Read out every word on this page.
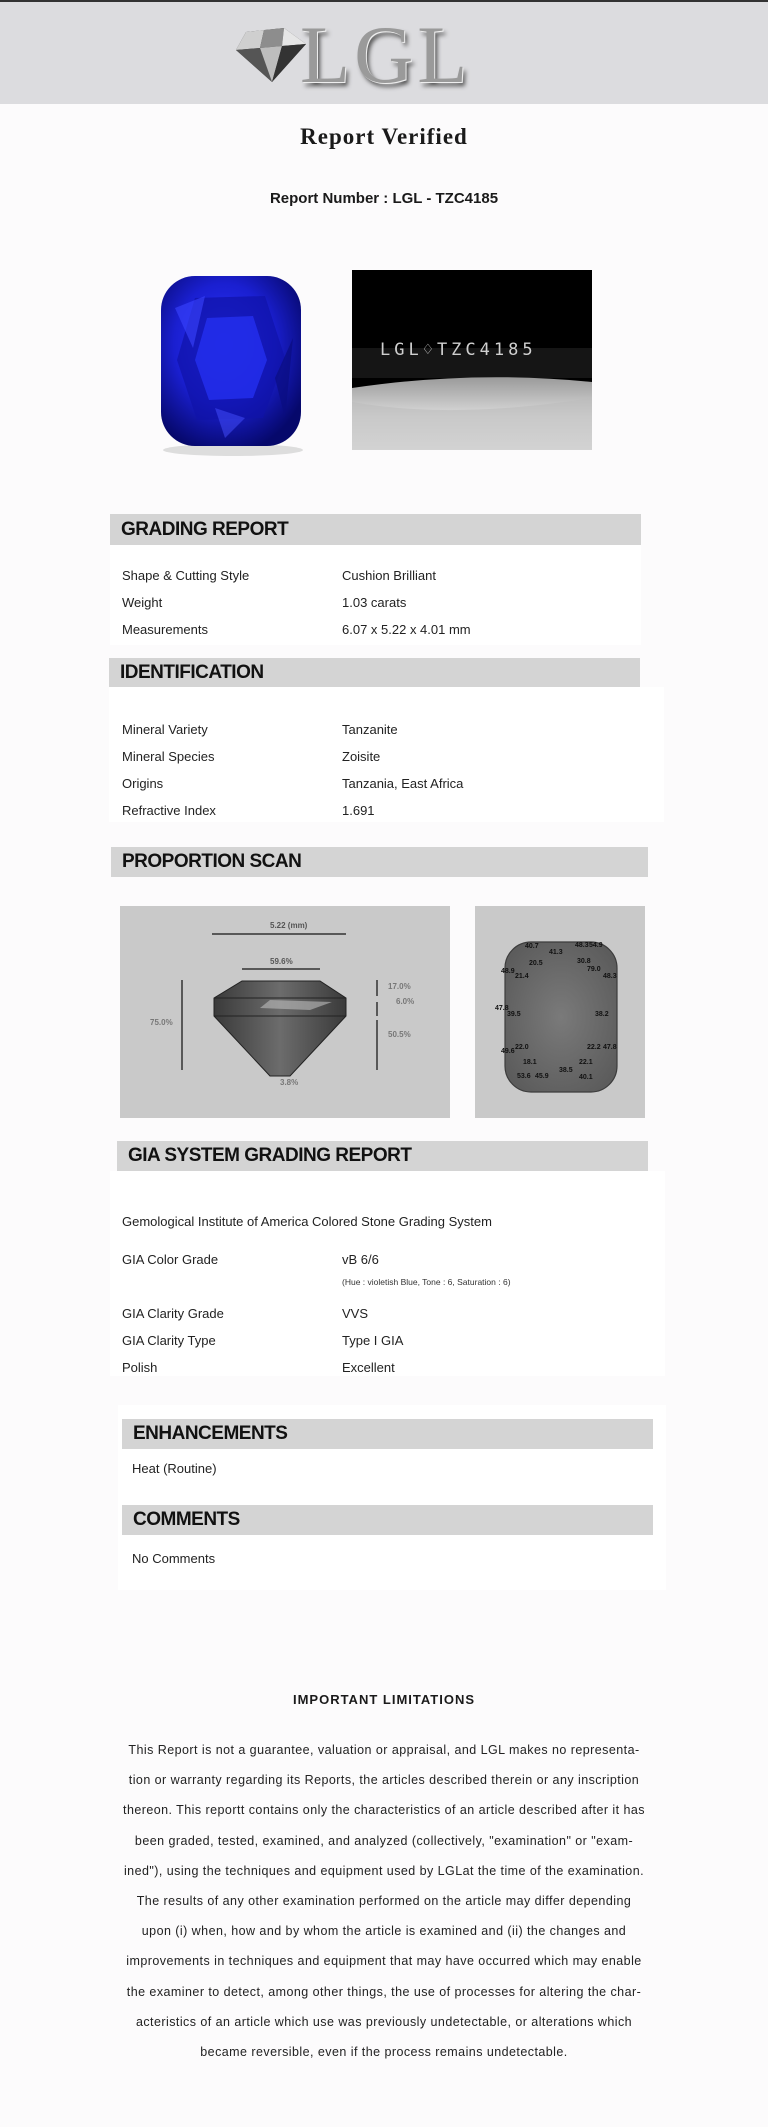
LGL
Report Verified
Report Number : LGL - TZC4185
LGL♢TZC4185
GRADING REPORT
Shape & Cutting Style	Cushion Brilliant
Weight	1.03 carats
Measurements	6.07 x 5.22 x 4.01 mm
IDENTIFICATION
Mineral Variety	Tanzanite
Mineral Species	Zoisite
Origins	Tanzania, East Africa
Refractive Index	1.691
PROPORTION SCAN
5.22 (mm)
59.6%
75.0%
17.0%
6.0%
50.5%
3.8%
40.7
41.3
48.3 54.9
20.5	30.8
79.0
48.9
21.4	48.3
47.8
39.5	38.2
22.0	22.2 47.8
49.6
18.1	22.1
38.5
53.6 45.9	40.1
GIA SYSTEM GRADING REPORT
Gemological Institute of America Colored Stone Grading System
GIA Color Grade	vB 6/6
(Hue : violetish Blue, Tone : 6, Saturation : 6)
GIA Clarity Grade	VVS
GIA Clarity Type	Type I GIA
Polish	Excellent
ENHANCEMENTS
Heat (Routine)
COMMENTS
No Comments
IMPORTANT LIMITATIONS

This Report is not a guarantee, valuation or appraisal, and LGL makes no representa-

tion or warranty regarding its Reports, the articles described therein or any inscription

thereon. This reportt contains only the characteristics of an article described after it has

been graded, tested, examined, and analyzed (collectively, "examination" or "exam-

ined"), using the techniques and equipment used by LGLat the time of the examination.

The results of any other examination performed on the article may differ depending

upon (i) when, how and by whom the article is examined and (ii) the changes and

improvements in techniques and equipment that may have occurred which may enable

the examiner to detect, among other things, the use of processes for altering the char-

acteristics of an article which use was previously undetectable, or alterations which

became reversible, even if the process remains undetectable.
